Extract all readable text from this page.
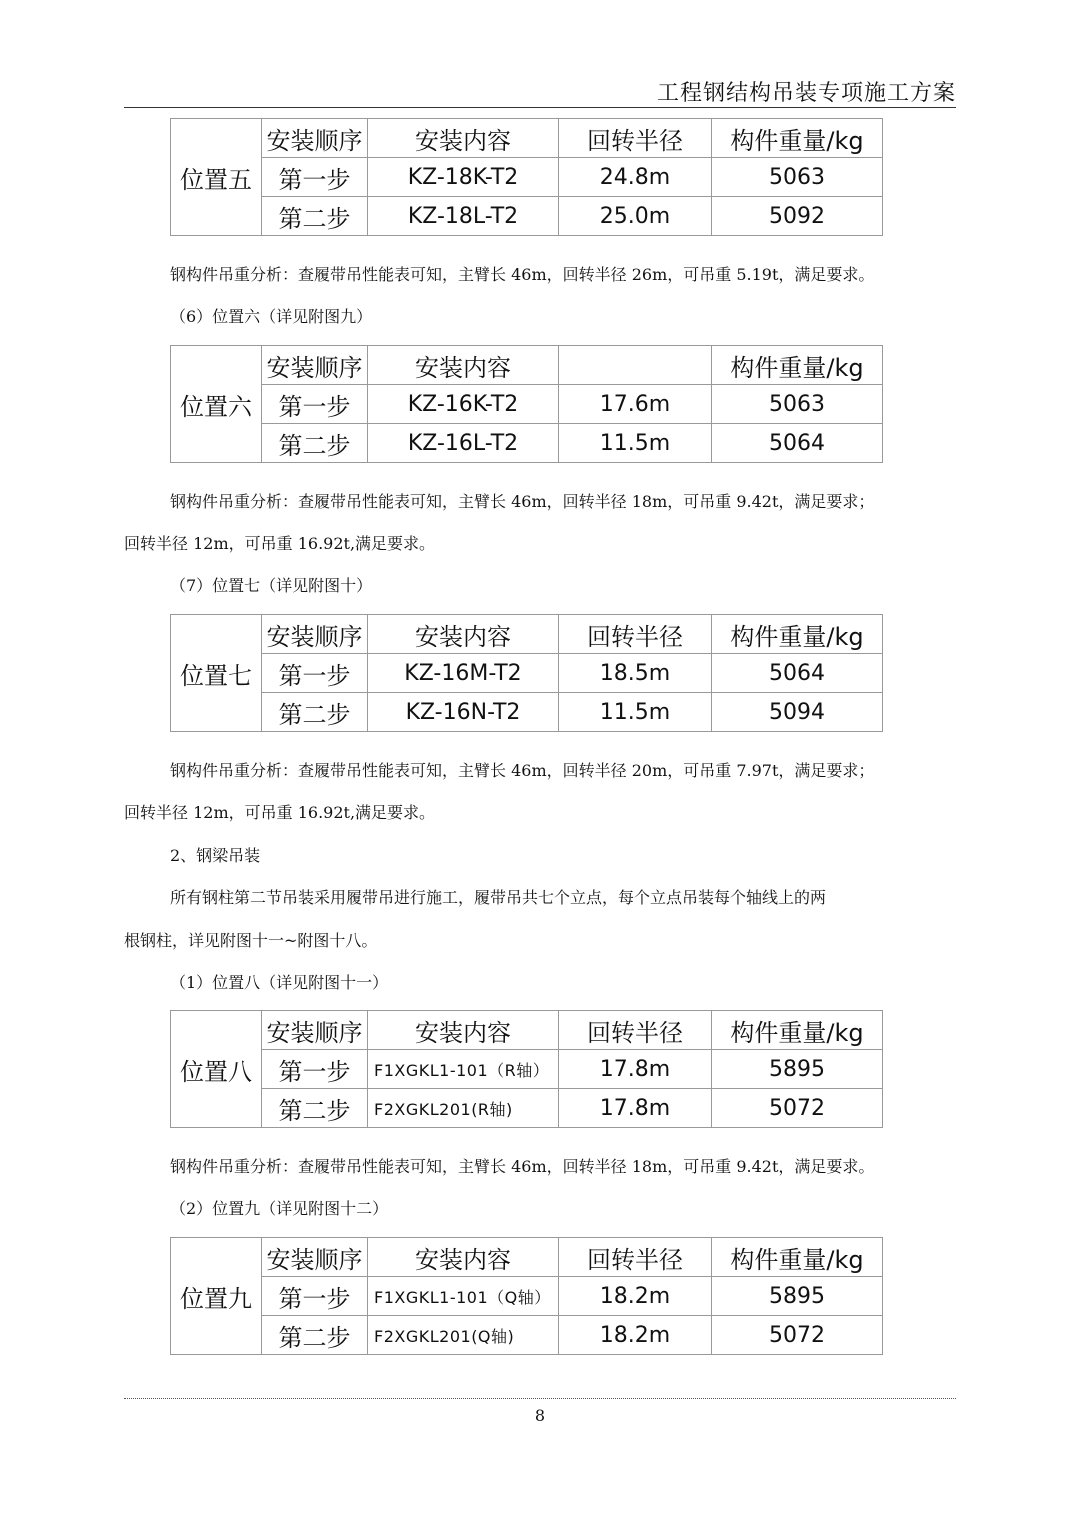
工程钢结构吊装专项施工方案
位置五	安装顺序	安装内容	回转半径	构件重量/kg
	第一步	KZ-18K-T2	24.8m	5063
	第二步	KZ-18L-T2	25.0m	5092
钢构件吊重分析：查履带吊性能表可知，主臂长 46m，回转半径 26m，可吊重 5.19t，满足要求。
（6）位置六（详见附图九）
位置六	安装顺序	安装内容		构件重量/kg
	第一步	KZ-16K-T2	17.6m	5063
	第二步	KZ-16L-T2	11.5m	5064
钢构件吊重分析：查履带吊性能表可知，主臂长 46m，回转半径 18m，可吊重 9.42t，满足要求；
回转半径 12m，可吊重 16.92t,满足要求。
（7）位置七（详见附图十）
位置七	安装顺序	安装内容	回转半径	构件重量/kg
	第一步	KZ-16M-T2	18.5m	5064
	第二步	KZ-16N-T2	11.5m	5094
钢构件吊重分析：查履带吊性能表可知，主臂长 46m，回转半径 20m，可吊重 7.97t，满足要求；
回转半径 12m，可吊重 16.92t,满足要求。
2、钢梁吊装
所有钢柱第二节吊装采用履带吊进行施工，履带吊共七个立点，每个立点吊装每个轴线上的两
根钢柱，详见附图十一~附图十八。
（1）位置八（详见附图十一）
位置八	安装顺序	安装内容	回转半径	构件重量/kg
	第一步	F1XGKL1-101（R轴）	17.8m	5895
	第二步	F2XGKL201(R轴)	17.8m	5072
钢构件吊重分析：查履带吊性能表可知，主臂长 46m，回转半径 18m，可吊重 9.42t，满足要求。
（2）位置九（详见附图十二）
位置九	安装顺序	安装内容	回转半径	构件重量/kg
	第一步	F1XGKL1-101（Q轴）	18.2m	5895
	第二步	F2XGKL201(Q轴)	18.2m	5072
8
